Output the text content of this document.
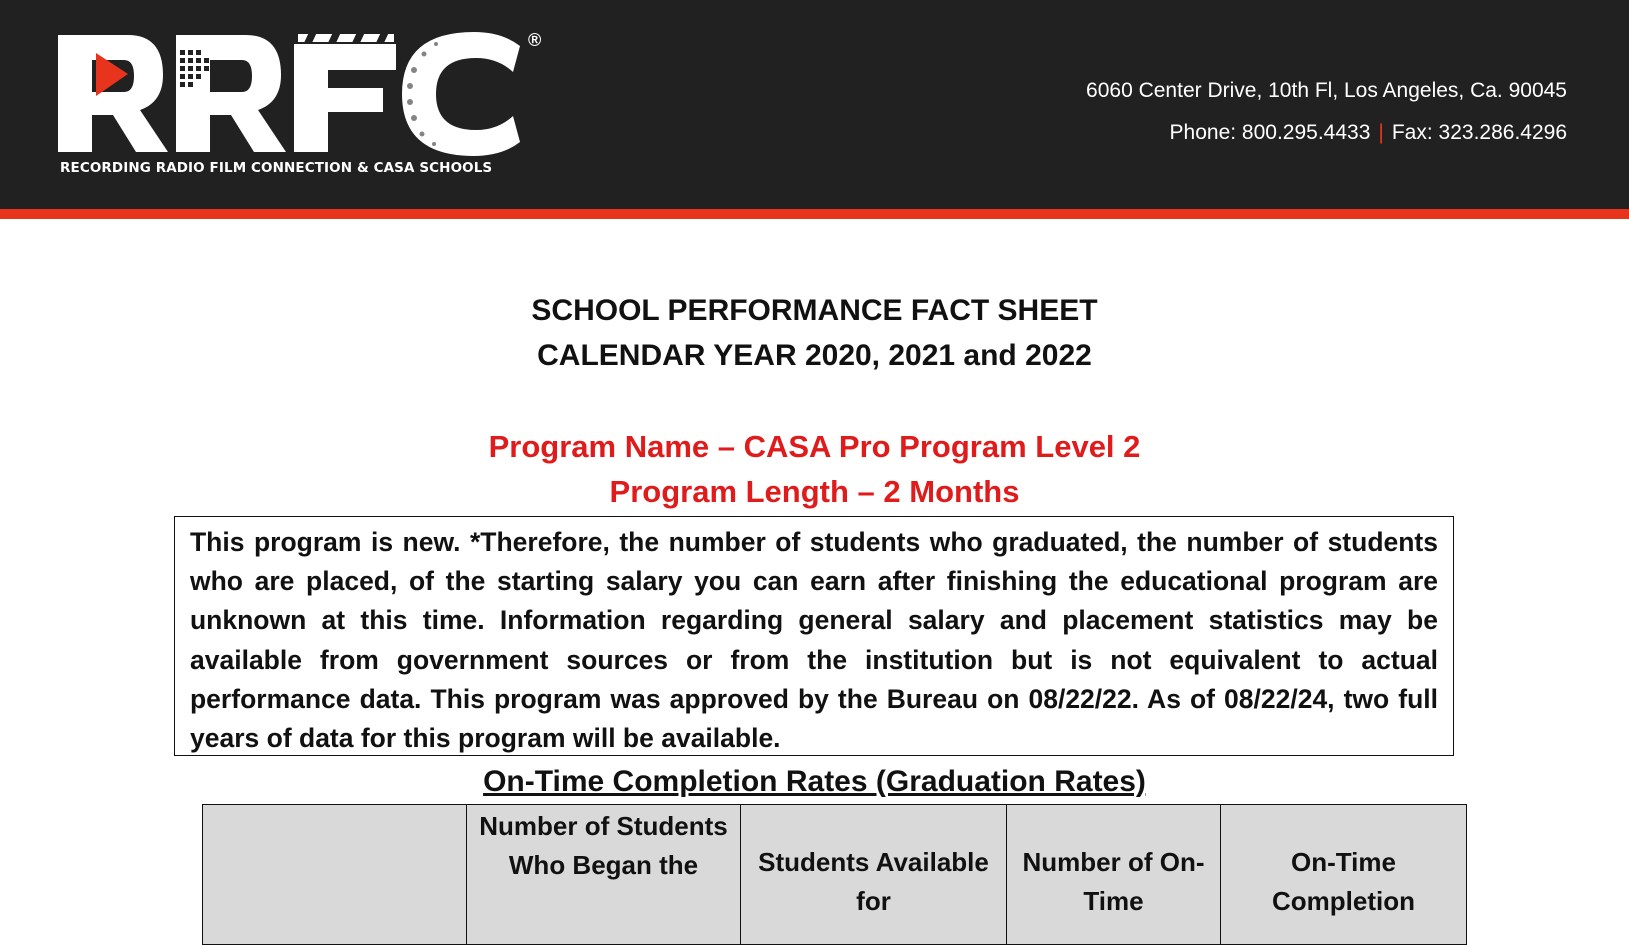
®
RECORDING RADIO FILM CONNECTION & CASA SCHOOLS
6060 Center Drive, 10th Fl, Los Angeles, Ca. 90045
Phone: 800.295.4433 | Fax: 323.286.4296
SCHOOL PERFORMANCE FACT SHEET
CALENDAR YEAR 2020, 2021 and 2022
Program Name – CASA Pro Program Level 2
Program Length – 2 Months
This program is new. *Therefore, the number of students who graduated, the number of students who are placed, of the starting salary you can earn after finishing the educational program are unknown at this time. Information regarding general salary and placement statistics may be available from government sources or from the institution but is not equivalent to actual performance data. This program was approved by the Bureau on 08/22/22. As of 08/22/24, two full years of data for this program will be available.
On-Time Completion Rates (Graduation Rates)
	Number of Students Who Began the	Students Available for	Number of On-Time	On-Time Completion
